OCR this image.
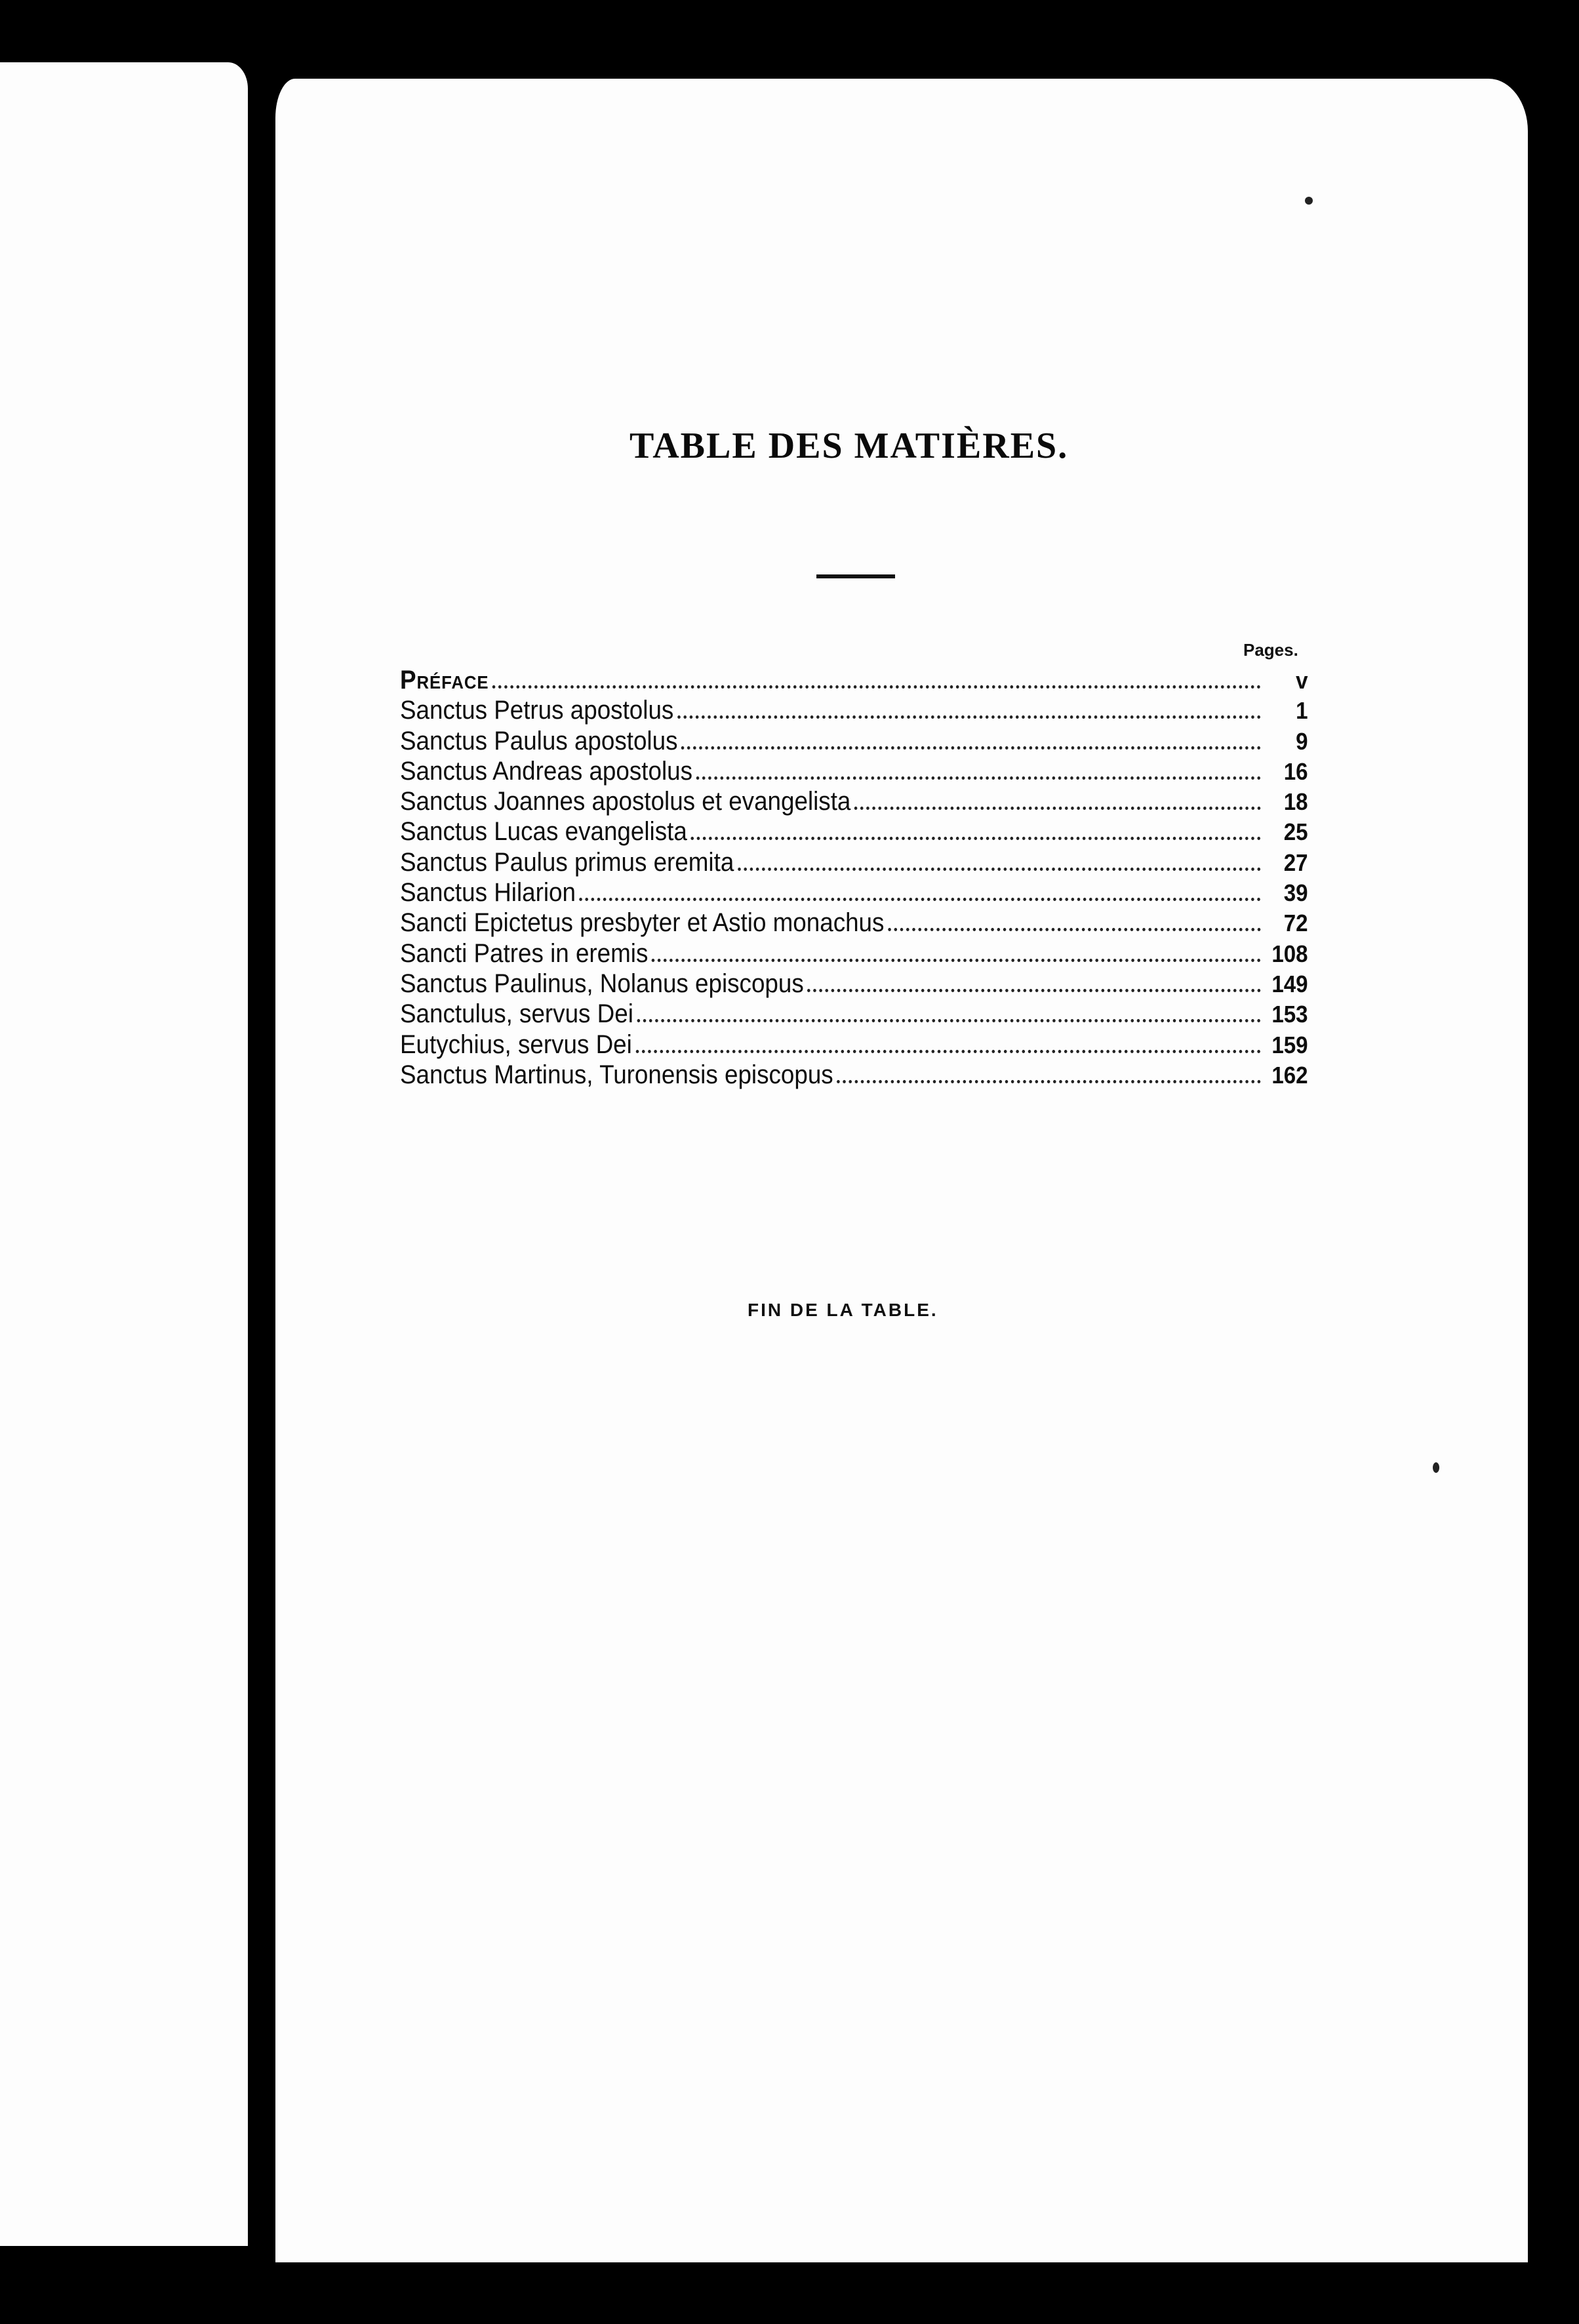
TABLE DES MATIÈRES.
Pages.
Préface	v
Sanctus Petrus apostolus	1
Sanctus Paulus apostolus	9
Sanctus Andreas apostolus	16
Sanctus Joannes apostolus et evangelista	18
Sanctus Lucas evangelista	25
Sanctus Paulus primus eremita	27
Sanctus Hilarion	39
Sancti Epictetus presbyter et Astio monachus	72
Sancti Patres in eremis	108
Sanctus Paulinus, Nolanus episcopus	149
Sanctulus, servus Dei	153
Eutychius, servus Dei	159
Sanctus Martinus, Turonensis episcopus	162
FIN DE LA TABLE.
